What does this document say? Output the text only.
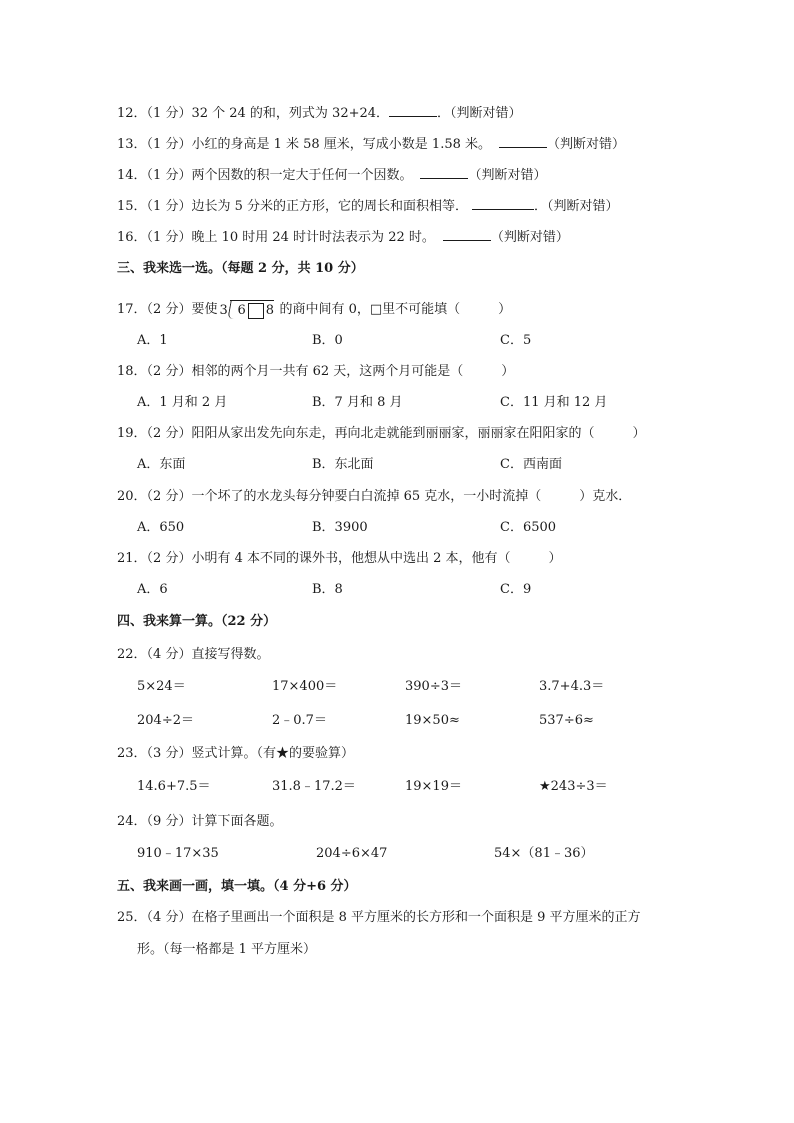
12．（1 分）32 个 24 的和，列式为 32+24．	．（判断对错）
13．（1 分）小红的身高是 1 米 58 厘米，写成小数是 1.58 米。	（判断对错）
14．（1 分）两个因数的积一定大于任何一个因数。	（判断对错）
15．（1 分）边长为 5 分米的正方形，它的周长和面积相等．	．（判断对错）
16．（1 分）晚上 10 时用 24 时计时法表示为 22 时。	（判断对错）
三、我来选一选。（每题 2 分，共 10 分）
17．（2 分）要使 3 6 8 的商中间有 0，□里不可能填（	）
A．1	B．0	C．5
18．（2 分）相邻的两个月一共有 62 天，这两个月可能是（	）
A．1 月和 2 月	B．7 月和 8 月	C．11 月和 12 月
19．（2 分）阳阳从家出发先向东走，再向北走就能到丽丽家，丽丽家在阳阳家的（	）
A．东面	B．东北面	C．西南面
20．（2 分）一个坏了的水龙头每分钟要白白流掉 65 克水，一小时流掉（	）克水．
A．650	B．3900	C．6500
21．（2 分）小明有 4 本不同的课外书，他想从中选出 2 本，他有（	）
A．6	B．8	C．9
四、我来算一算。（22 分）
22．（4 分）直接写得数。
5×24＝	17×400＝	390÷3＝	3.7+4.3＝
204÷2＝	2﹣0.7＝	19×50≈	537÷6≈
23．（3 分）竖式计算。（有★的要验算）
14.6+7.5＝	31.8﹣17.2＝	19×19＝	★243÷3＝
24．（9 分）计算下面各题。
910﹣17×35	204÷6×47	54×（81﹣36）
五、我来画一画，填一填。（4 分+6 分）
25．（4 分）在格子里画出一个面积是 8 平方厘米的长方形和一个面积是 9 平方厘米的正方
形。（每一格都是 1 平方厘米）
